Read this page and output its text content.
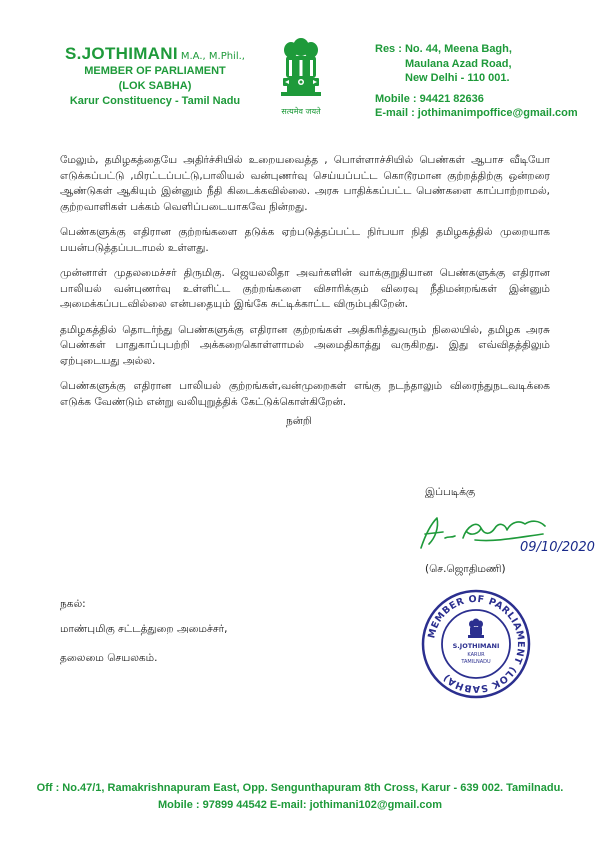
S.JOTHIMANI M.A., M.Phil.,
MEMBER OF PARLIAMENT
(LOK SABHA)
Karur Constituency - Tamil Nadu
सत्यमेव जयते
Res : No. 44, Meena Bagh,
Maulana Azad Road,
New Delhi - 110 001.
Mobile : 94421 82636
E-mail : jothimanimpoffice@gmail.com

மேலும், தமிழகத்தையே அதிர்ச்சியில் உறையவைத்த , பொள்ளாச்சியில் பெண்கள் ஆபாச வீடியோ எடுக்கப்பட்டு ,மிரட்டப்பட்டு,பாலியல் வன்புணர்வு செய்யப்பட்ட கொடூரமான குற்றத்திற்கு ஒன்றரை ஆண்டுகள் ஆகியும் இன்னும் நீதி கிடைக்கவில்லை. அரசு பாதிக்கப்பட்ட பெண்களை காப்பாற்றாமல், குற்றவாளிகள் பக்கம் வெளிப்படையாகவே நின்றது.

பெண்களுக்கு எதிரான குற்றங்களை தடுக்க ஏற்படுத்தப்பட்ட நிர்பயா நிதி தமிழகத்தில் முறையாக பயன்படுத்தப்படாமல் உள்ளது.

முன்னாள் முதலமைச்சர் திருமிகு. ஜெயலலிதா அவர்களின் வாக்குறுதியான பெண்களுக்கு எதிரான பாலியல் வன்புணர்வு உள்ளிட்ட குற்றங்களை விசாரிக்கும் விரைவு நீதிமன்றங்கள் இன்னும் அமைக்கப்படவில்லை என்பதையும் இங்கே சுட்டிக்காட்ட விரும்புகிறேன்.

தமிழகத்தில் தொடர்ந்து பெண்களுக்கு எதிரான குற்றங்கள் அதிகரித்துவரும் நிலையில், தமிழக அரசு பெண்கள் பாதுகாப்புபற்றி அக்கறைகொள்ளாமல் அமைதிகாத்து வருகிறது. இது எவ்விதத்திலும் ஏற்புடையது அல்ல.

பெண்களுக்கு எதிரான பாலியல் குற்றங்கள்,வன்முறைகள் எங்கு நடந்தாலும் விரைந்துநடவடிக்கை எடுக்க வேண்டும் என்று வலியுறுத்திக் கேட்டுக்கொள்கிறேன்.

நன்றி
இப்படிக்கு
09/10/2020
(செ.ஜொதிமணி)
நகல்:
மாண்புமிகு சட்டத்துறை அமைச்சர்,
தலைமை செயலகம்.
MEMBER OF PARLIAMENT (LOK SABHA)
S.JOTHIMANI
KARUR
TAMILNADU
Off : No.47/1, Ramakrishnapuram East, Opp. Sengunthapuram 8th Cross, Karur - 639 002. Tamilnadu.
Mobile : 97899 44542 E-mail: jothimani102@gmail.com
